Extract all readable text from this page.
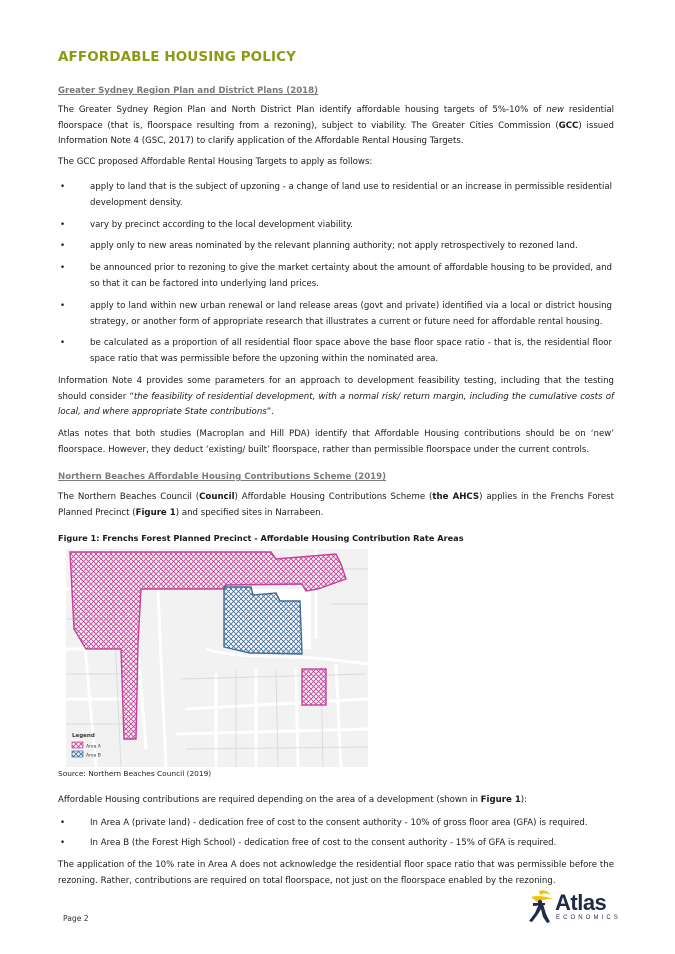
AFFORDABLE HOUSING POLICY
Greater Sydney Region Plan and District Plans (2018)

The Greater Sydney Region Plan and North District Plan identify affordable housing targets of 5%-10% of new residential floorspace (that is, floorspace resulting from a rezoning), subject to viability. The Greater Cities Commission (GCC) issued Information Note 4 (GSC, 2017) to clarify application of the Affordable Rental Housing Targets.

The GCC proposed Affordable Rental Housing Targets to apply as follows:

•	apply to land that is the subject of upzoning - a change of land use to residential or an increase in permissible residential development density.
•	vary by precinct according to the local development viability.
•	apply only to new areas nominated by the relevant planning authority; not apply retrospectively to rezoned land.
•	be announced prior to rezoning to give the market certainty about the amount of affordable housing to be provided, and so that it can be factored into underlying land prices.
•	apply to land within new urban renewal or land release areas (govt and private) identified via a local or district housing strategy, or another form of appropriate research that illustrates a current or future need for affordable rental housing.
•	be calculated as a proportion of all residential floor space above the base floor space ratio - that is, the residential floor space ratio that was permissible before the upzoning within the nominated area.

Information Note 4 provides some parameters for an approach to development feasibility testing, including that the testing should consider “the feasibility of residential development, with a normal risk/ return margin, including the cumulative costs of local, and where appropriate State contributions”.

Atlas notes that both studies (Macroplan and Hill PDA) identify that Affordable Housing contributions should be on ‘new’ floorspace. However, they deduct ‘existing/ built’ floorspace, rather than permissible floorspace under the current controls.

Northern Beaches Affordable Housing Contributions Scheme (2019)

The Northern Beaches Council (Council) Affordable Housing Contributions Scheme (the AHCS) applies in the Frenchs Forest Planned Precinct (Figure 1) and specified sites in Narrabeen.

Figure 1: Frenchs Forest Planned Precinct - Affordable Housing Contribution Rate Areas
Legend
Area A
Area B
Source: Northern Beaches Council (2019)

Affordable Housing contributions are required depending on the area of a development (shown in Figure 1):

•	In Area A (private land) - dedication free of cost to the consent authority - 10% of gross floor area (GFA) is required.
•	In Area B (the Forest High School) - dedication free of cost to the consent authority - 15% of GFA is required.

The application of the 10% rate in Area A does not acknowledge the residential floor space ratio that was permissible before the rezoning. Rather, contributions are required on total floorspace, not just on the floorspace enabled by the rezoning.

Page 2
Atlas
ECONOMICS
